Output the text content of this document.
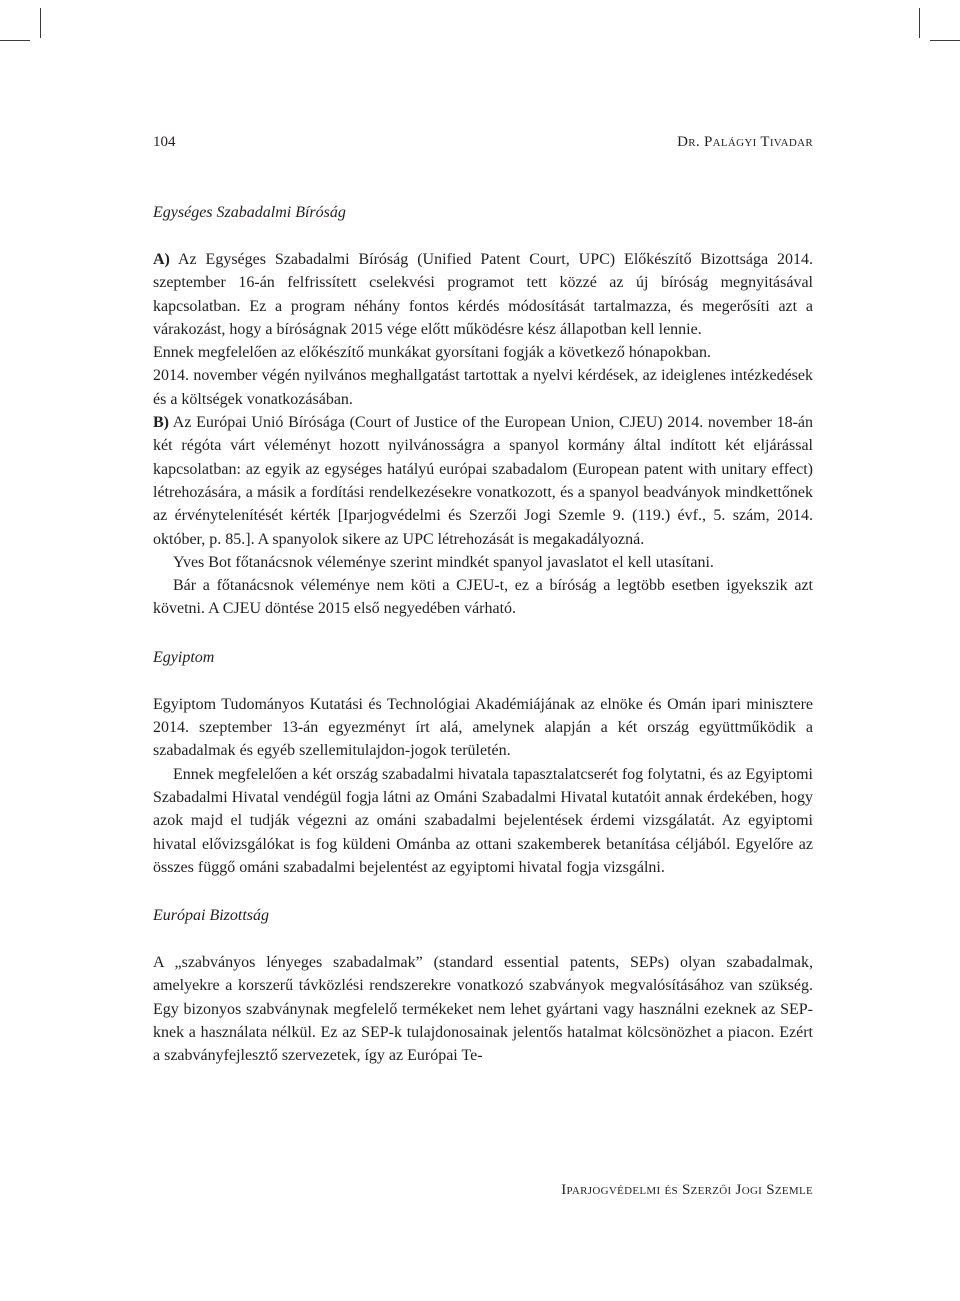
104	Dr. Palágyi Tivadar
Egységes Szabadalmi Bíróság

A) Az Egységes Szabadalmi Bíróság (Unified Patent Court, UPC) Előkészítő Bizottsága 2014. szeptember 16-án felfrissített cselekvési programot tett közzé az új bíróság megnyitásával kapcsolatban. Ez a program néhány fontos kérdés módosítását tartalmazza, és megerősíti azt a várakozást, hogy a bíróságnak 2015 vége előtt működésre kész állapotban kell lennie.

Ennek megfelelően az előkészítő munkákat gyorsítani fogják a következő hónapokban.

2014. november végén nyilvános meghallgatást tartottak a nyelvi kérdések, az ideiglenes intézkedések és a költségek vonatkozásában.

B) Az Európai Unió Bírósága (Court of Justice of the European Union, CJEU) 2014. november 18-án két régóta várt véleményt hozott nyilvánosságra a spanyol kormány által indított két eljárással kapcsolatban: az egyik az egységes hatályú európai szabadalom (European patent with unitary effect) létrehozására, a másik a fordítási rendelkezésekre vonatkozott, és a spanyol beadványok mindkettőnek az érvénytelenítését kérték [Iparjogvédelmi és Szerzői Jogi Szemle 9. (119.) évf., 5. szám, 2014. október, p. 85.]. A spanyolok sikere az UPC létrehozását is megakadályozná.

Yves Bot főtanácsnok véleménye szerint mindkét spanyol javaslatot el kell utasítani.

Bár a főtanácsnok véleménye nem köti a CJEU-t, ez a bíróság a legtöbb esetben igyekszik azt követni. A CJEU döntése 2015 első negyedében várható.

Egyiptom

Egyiptom Tudományos Kutatási és Technológiai Akadémiájának az elnöke és Omán ipari minisztere 2014. szeptember 13-án egyezményt írt alá, amelynek alapján a két ország együttműködik a szabadalmak és egyéb szellemitulajdon-jogok területén.

Ennek megfelelően a két ország szabadalmi hivatala tapasztalatcserét fog folytatni, és az Egyiptomi Szabadalmi Hivatal vendégül fogja látni az Ománi Szabadalmi Hivatal kutatóit annak érdekében, hogy azok majd el tudják végezni az ománi szabadalmi bejelentések érdemi vizsgálatát. Az egyiptomi hivatal elővizsgálókat is fog küldeni Ománba az ottani szakemberek betanítása céljából. Egyelőre az összes függő ománi szabadalmi bejelentést az egyiptomi hivatal fogja vizsgálni.

Európai Bizottság

A „szabványos lényeges szabadalmak” (standard essential patents, SEPs) olyan szabadalmak, amelyekre a korszerű távközlési rendszerekre vonatkozó szabványok megvalósításához van szükség. Egy bizonyos szabványnak megfelelő termékeket nem lehet gyártani vagy használni ezeknek az SEP-knek a használata nélkül. Ez az SEP-k tulajdonosainak jelentős hatalmat kölcsönözhet a piacon. Ezért a szabványfejlesztő szervezetek, így az Európai Te-

Iparjogvédelmi és Szerzői Jogi Szemle
